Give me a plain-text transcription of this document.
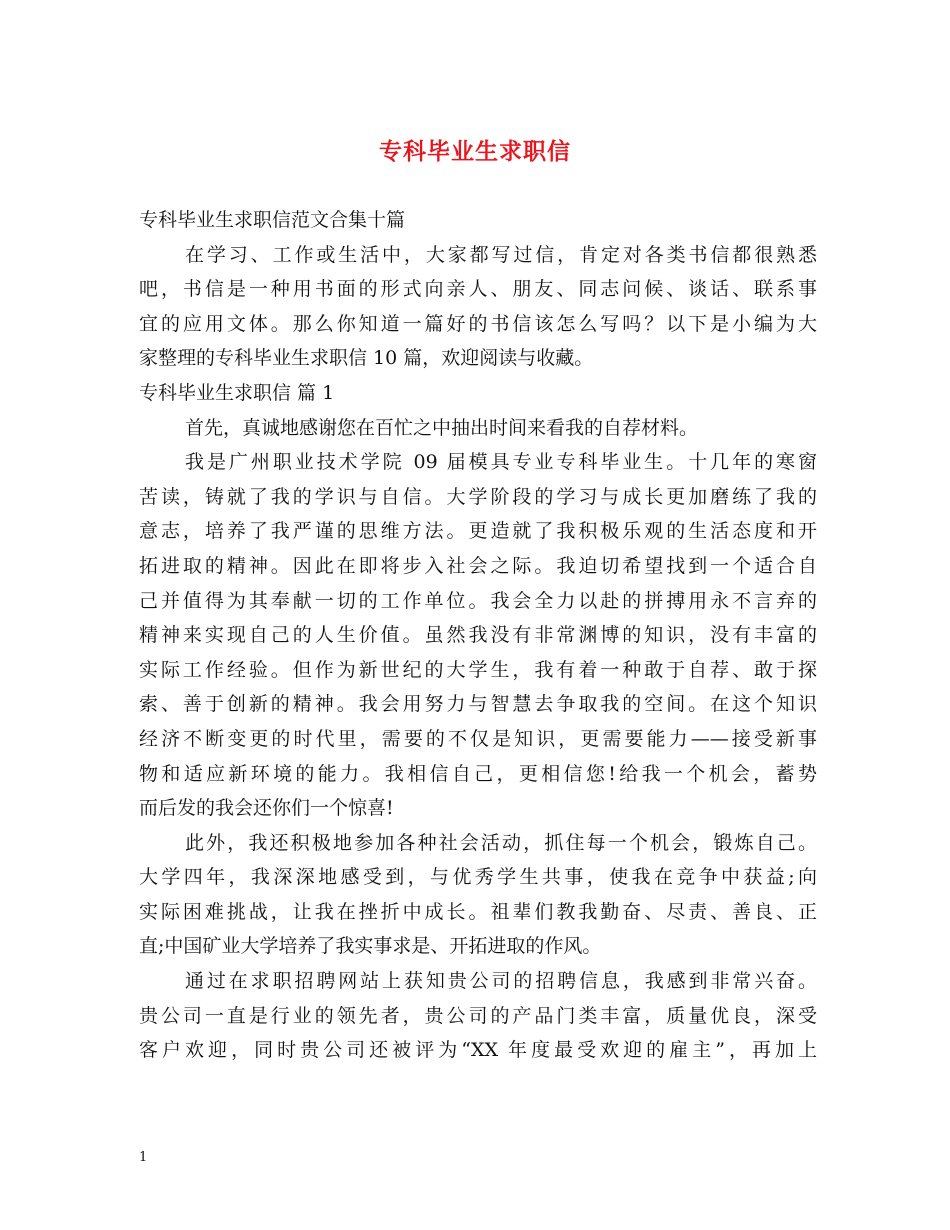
专科毕业生求职信

专科毕业生求职信范文合集十篇

在学习、工作或生活中，大家都写过信，肯定对各类书信都很熟悉

吧，书信是一种用书面的形式向亲人、朋友、同志问候、谈话、联系事

宜的应用文体。那么你知道一篇好的书信该怎么写吗？以下是小编为大

家整理的专科毕业生求职信 10 篇，欢迎阅读与收藏。

专科毕业生求职信 篇 1

首先，真诚地感谢您在百忙之中抽出时间来看我的自荐材料。

我是广州职业技术学院 09 届模具专业专科毕业生。十几年的寒窗

苦读，铸就了我的学识与自信。大学阶段的学习与成长更加磨练了我的

意志，培养了我严谨的思维方法。更造就了我积极乐观的生活态度和开

拓进取的精神。因此在即将步入社会之际。我迫切希望找到一个适合自

己并值得为其奉献一切的工作单位。我会全力以赴的拼搏用永不言弃的

精神来实现自己的人生价值。虽然我没有非常渊博的知识，没有丰富的

实际工作经验。但作为新世纪的大学生，我有着一种敢于自荐、敢于探

索、善于创新的精神。我会用努力与智慧去争取我的空间。在这个知识

经济不断变更的时代里，需要的不仅是知识，更需要能力——接受新事

物和适应新环境的能力。我相信自己，更相信您!给我一个机会，蓄势

而后发的我会还你们一个惊喜!

此外，我还积极地参加各种社会活动，抓住每一个机会，锻炼自己。

大学四年，我深深地感受到，与优秀学生共事，使我在竞争中获益;向

实际困难挑战，让我在挫折中成长。祖辈们教我勤奋、尽责、善良、正

直;中国矿业大学培养了我实事求是、开拓进取的作风。

通过在求职招聘网站上获知贵公司的招聘信息，我感到非常兴奋。

贵公司一直是行业的领先者，贵公司的产品门类丰富，质量优良，深受

客户欢迎，同时贵公司还被评为“XX 年度最受欢迎的雇主”，再加上

1
